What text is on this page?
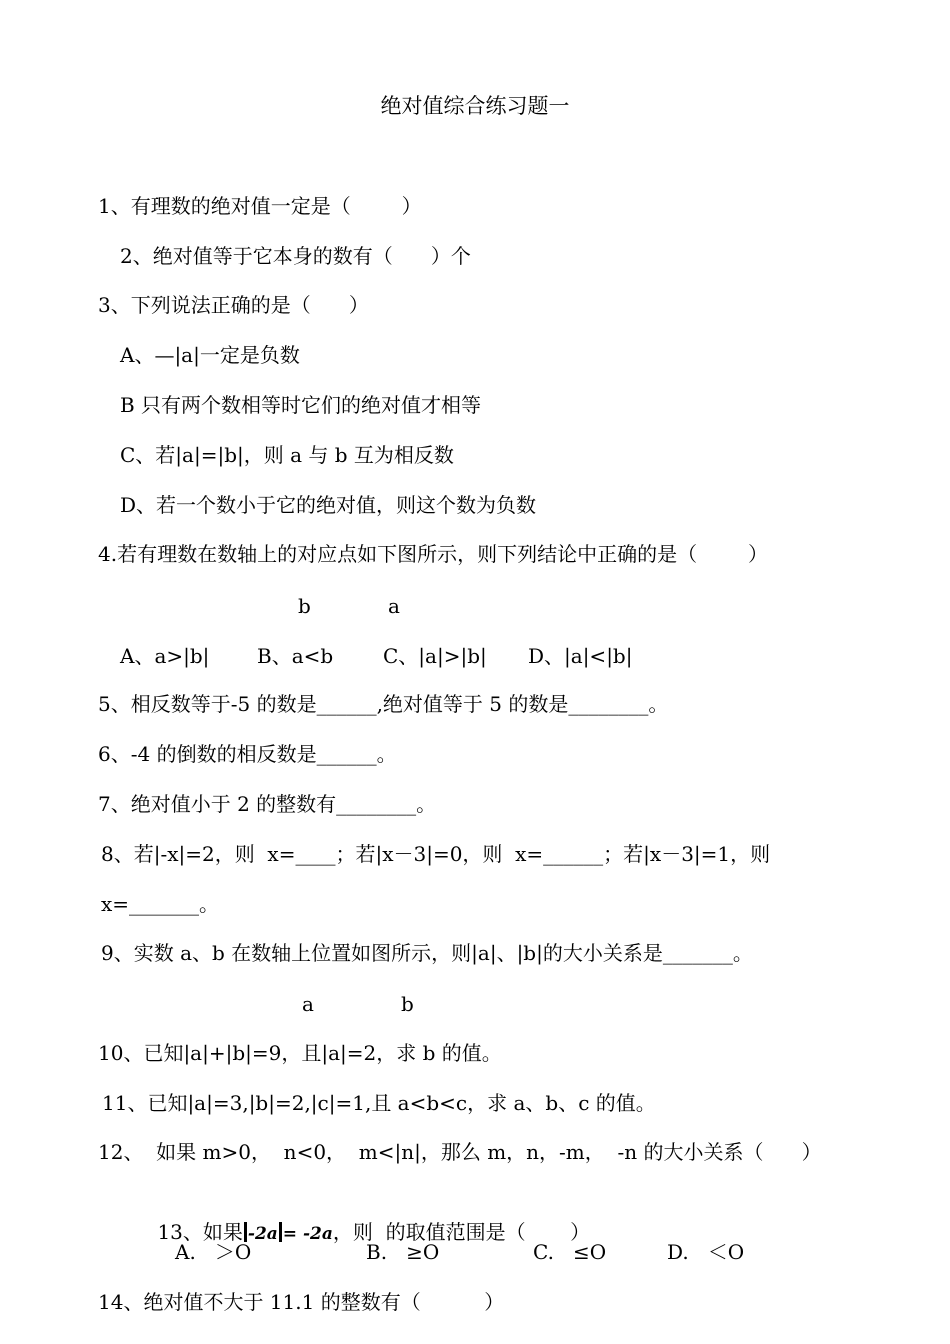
绝对值综合练习题一
1、有理数的绝对值一定是（        ）
2、绝对值等于它本身的数有（      ）个
3、下列说法正确的是（      ）
A、—|a|一定是负数
B 只有两个数相等时它们的绝对值才相等
C、若|a|=|b|，则 a 与 b 互为相反数
D、若一个数小于它的绝对值，则这个数为负数
4.若有理数在数轴上的对应点如下图所示，则下列结论中正确的是（        ）
b	a
A、a>|b| B、a<b C、|a|>|b| D、|a|<|b|
5、相反数等于-5 的数是______,绝对值等于 5 的数是________。
6、-4 的倒数的相反数是______。
7、绝对值小于 2 的整数有________。
8、若|-x|=2，则  x=____；若|x－3|=0，则  x=______；若|x－3|=1，则
x=_______。
9、实数 a、b 在数轴上位置如图所示，则|a|、|b|的大小关系是_______。
a	b
10、已知|a|+|b|=9，且|a|=2，求 b 的值。
11、已知|a|=3,|b|=2,|c|=1,且 a<b<c，求 a、b、c 的值。
12、  如果 m>0，  n<0，  m<|n|，那么 m，n，-m，  -n 的大小关系（      ）

13、如果 -2a = -2a，则  的取值范围是（       ）

A.   ＞O	B.   ≥O	C.   ≤O	D.   ＜O
14、绝对值不大于 11.1 的整数有（          ）
